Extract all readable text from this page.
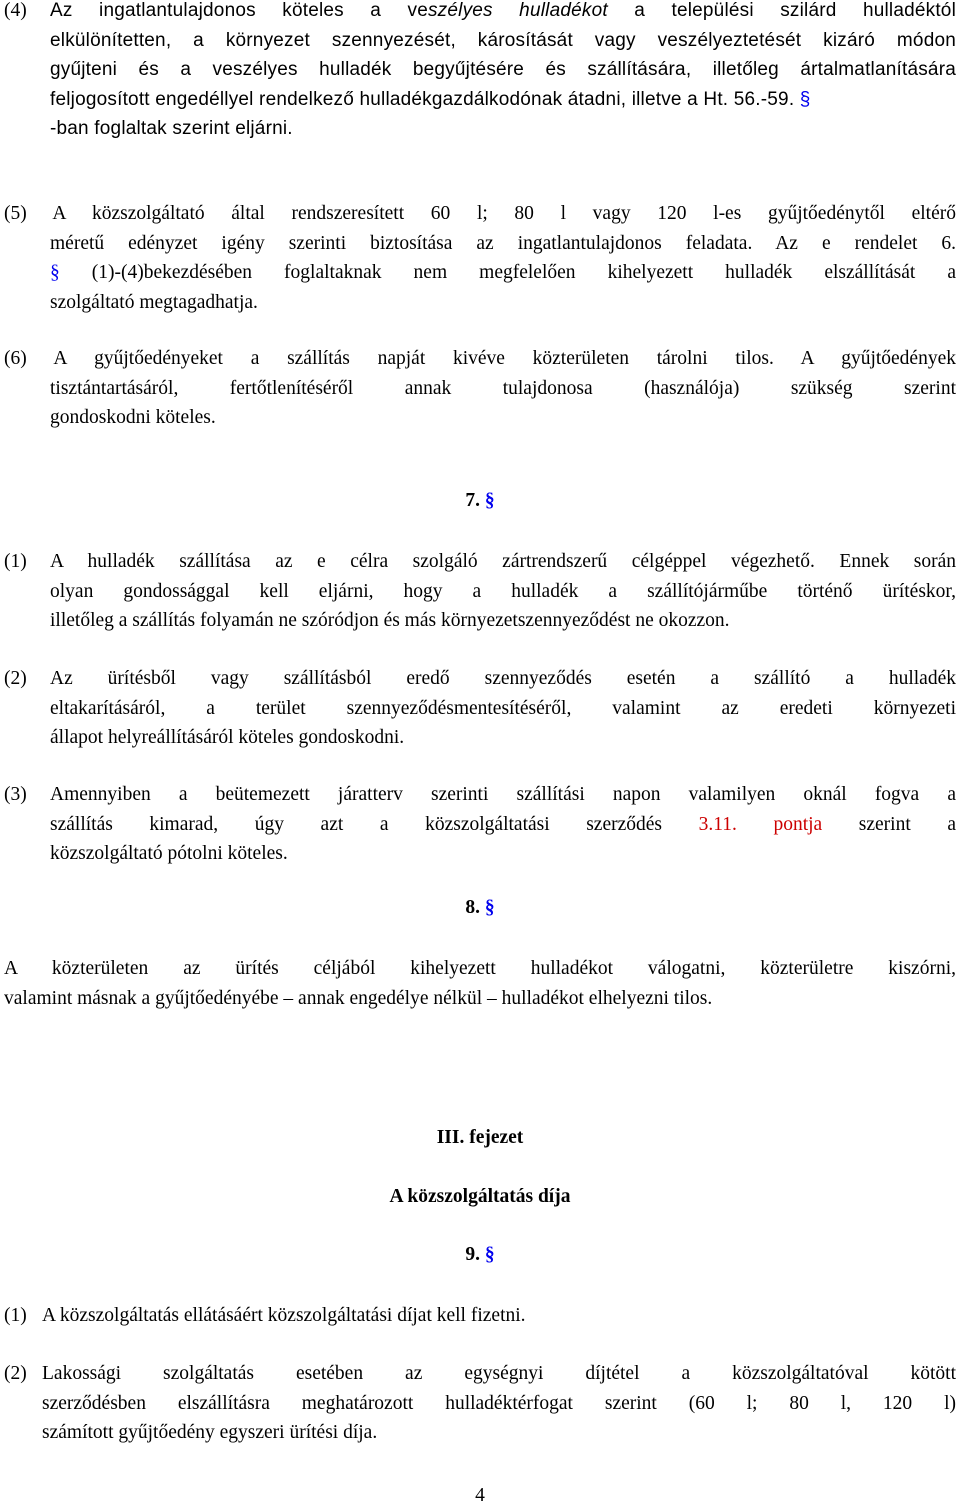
(4)	Az ingatlantulajdonos köteles a veszélyes hulladékot a települési szilárd hulladéktól
elkülönítetten, a környezet szennyezését, károsítását vagy veszélyeztetését kizáró módon
gyűjteni és a veszélyes hulladék begyűjtésére és szállítására, illetőleg ártalmatlanítására
feljogosított engedéllyel rendelkező hulladékgazdálkodónak átadni, illetve a Ht. 56.-59. §
-ban foglaltak szerint eljárni.
(5) A közszolgáltató által rendszeresített 60 l; 80 l vagy 120 l-es gyűjtőedénytől eltérő
méretű edényzet igény szerinti biztosítása az ingatlantulajdonos feladata. Az e rendelet 6.
§ (1)-(4)bekezdésében foglaltaknak nem megfelelően kihelyezett hulladék elszállítását a
szolgáltató megtagadhatja.
(6) A gyűjtőedényeket a szállítás napját kivéve közterületen tárolni tilos. A gyűjtőedények
tisztántartásáról, fertőtlenítéséről annak tulajdonosa (használója) szükség szerint
gondoskodni köteles.
7. §
(1)	A hulladék szállítása az e célra szolgáló zártrendszerű célgéppel végezhető. Ennek során
olyan gondossággal kell eljárni, hogy a hulladék a szállítójárműbe történő ürítéskor,
illetőleg a szállítás folyamán ne szóródjon és más környezetszennyeződést ne okozzon.
(2)	Az ürítésből vagy szállításból eredő szennyeződés esetén a szállító a hulladék
eltakarításáról, a terület szennyeződésmentesítéséről, valamint az eredeti környezeti
állapot helyreállításáról köteles gondoskodni.
(3)	Amennyiben a beütemezett járatterv szerinti szállítási napon valamilyen oknál fogva a
szállítás kimarad, úgy azt a közszolgáltatási szerződés 3.11. pontja szerint a
közszolgáltató pótolni köteles.
8. §
A közterületen az ürítés céljából kihelyezett hulladékot válogatni, közterületre kiszórni,
valamint másnak a gyűjtőedényébe – annak engedélye nélkül – hulladékot elhelyezni tilos.
III. fejezet
A közszolgáltatás díja
9. §
(1) A közszolgáltatás ellátásáért közszolgáltatási díjat kell fizetni.
(2) Lakossági szolgáltatás esetében az egységnyi díjtétel a közszolgáltatóval kötött
szerződésben elszállításra meghatározott hulladéktérfogat szerint (60 l; 80 l, 120 l)
számított gyűjtőedény egyszeri ürítési díja.
4
